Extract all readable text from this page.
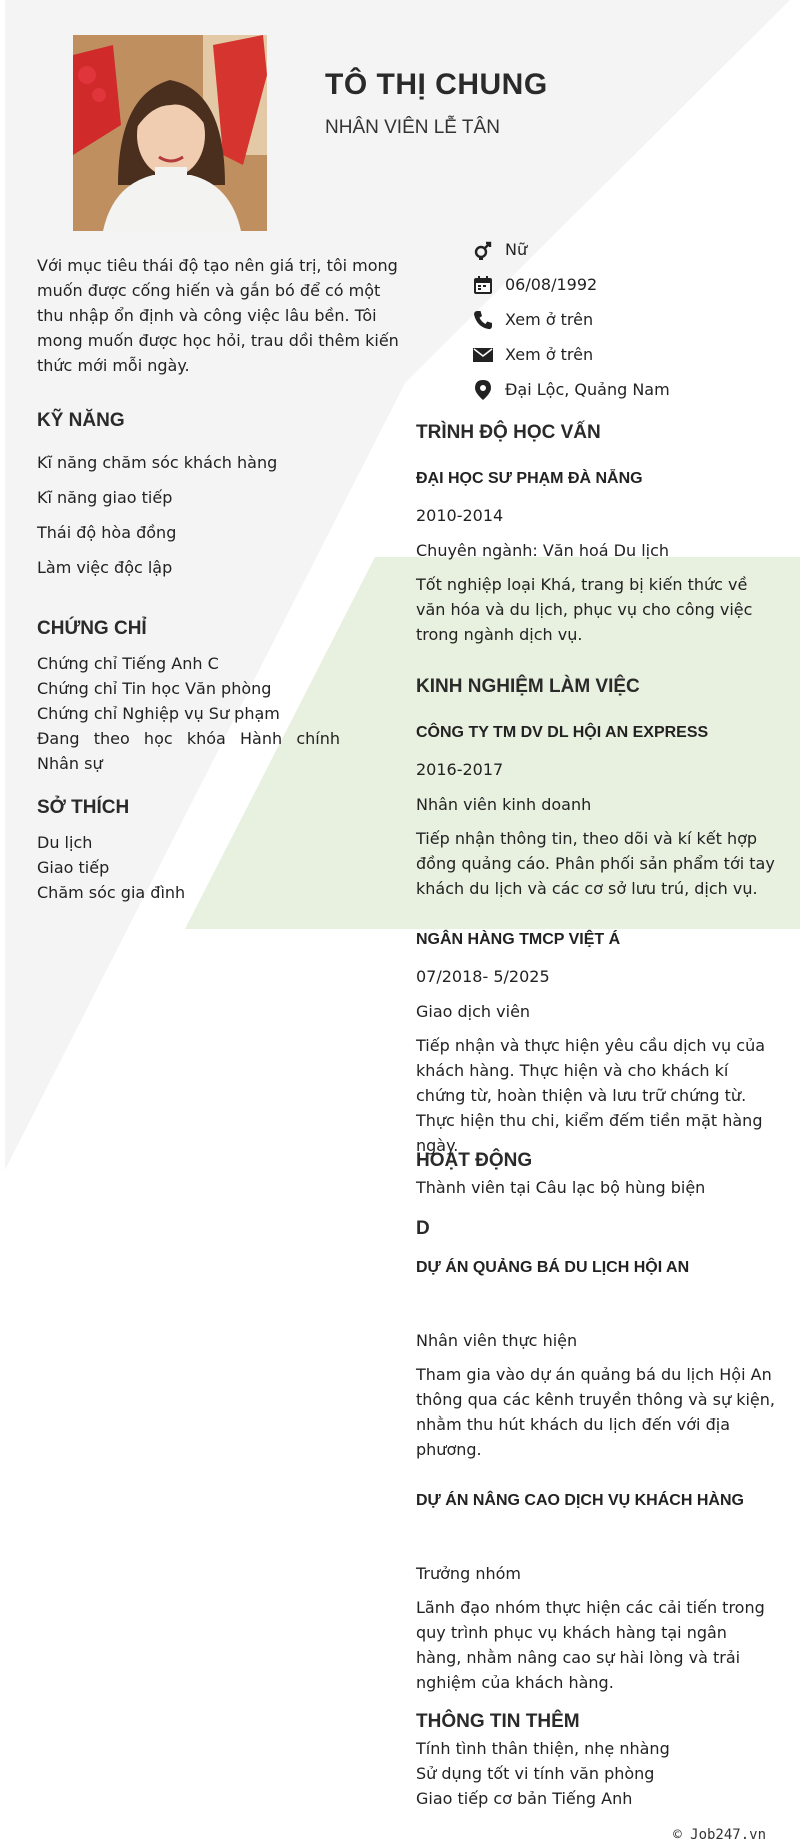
TÔ THỊ CHUNG
NHÂN VIÊN LỄ TÂN
Với mục tiêu thái độ tạo nên giá trị, tôi mong muốn được cống hiến và gắn bó để có một thu nhập ổn định và công việc lâu bền. Tôi mong muốn được học hỏi, trau dồi thêm kiến thức mới mỗi ngày.
Nữ
06/08/1992
Xem ở trên
Xem ở trên
Đại Lộc, Quảng Nam
KỸ NĂNG
Kĩ năng chăm sóc khách hàng
Kĩ năng giao tiếp
Thái độ hòa đồng
Làm việc độc lập
CHỨNG CHỈ
Chứng chỉ Tiếng Anh C
Chứng chỉ Tin học Văn phòng
Chứng chỉ Nghiệp vụ Sư phạm
Đang theo học khóa Hành chính Nhân sự
SỞ THÍCH
Du lịch
Giao tiếp
Chăm sóc gia đình
TRÌNH ĐỘ HỌC VẤN
ĐẠI HỌC SƯ PHẠM ĐÀ NẴNG
2010-2014
Chuyên ngành: Văn hoá Du lịch
Tốt nghiệp loại Khá, trang bị kiến thức về văn hóa và du lịch, phục vụ cho công việc trong ngành dịch vụ.
KINH NGHIỆM LÀM VIỆC
CÔNG TY TM DV DL HỘI AN EXPRESS
2016-2017
Nhân viên kinh doanh
Tiếp nhận thông tin, theo dõi và kí kết hợp đồng quảng cáo. Phân phối sản phẩm tới tay khách du lịch và các cơ sở lưu trú, dịch vụ.
NGÂN HÀNG TMCP VIỆT Á
07/2018- 5/2025
Giao dịch viên
Tiếp nhận và thực hiện yêu cầu dịch vụ của khách hàng. Thực hiện và cho khách kí chứng từ, hoàn thiện và lưu trữ chứng từ. Thực hiện thu chi, kiểm đếm tiền mặt hàng ngày.
HOẠT ĐỘNG
Thành viên tại Câu lạc bộ hùng biện
D
DỰ ÁN QUẢNG BÁ DU LỊCH HỘI AN
Nhân viên thực hiện
Tham gia vào dự án quảng bá du lịch Hội An thông qua các kênh truyền thông và sự kiện, nhằm thu hút khách du lịch đến với địa phương.
DỰ ÁN NÂNG CAO DỊCH VỤ KHÁCH HÀNG
Trưởng nhóm
Lãnh đạo nhóm thực hiện các cải tiến trong quy trình phục vụ khách hàng tại ngân hàng, nhằm nâng cao sự hài lòng và trải nghiệm của khách hàng.
THÔNG TIN THÊM
Tính tình thân thiện, nhẹ nhàng
Sử dụng tốt vi tính văn phòng
Giao tiếp cơ bản Tiếng Anh
© Job247.vn
